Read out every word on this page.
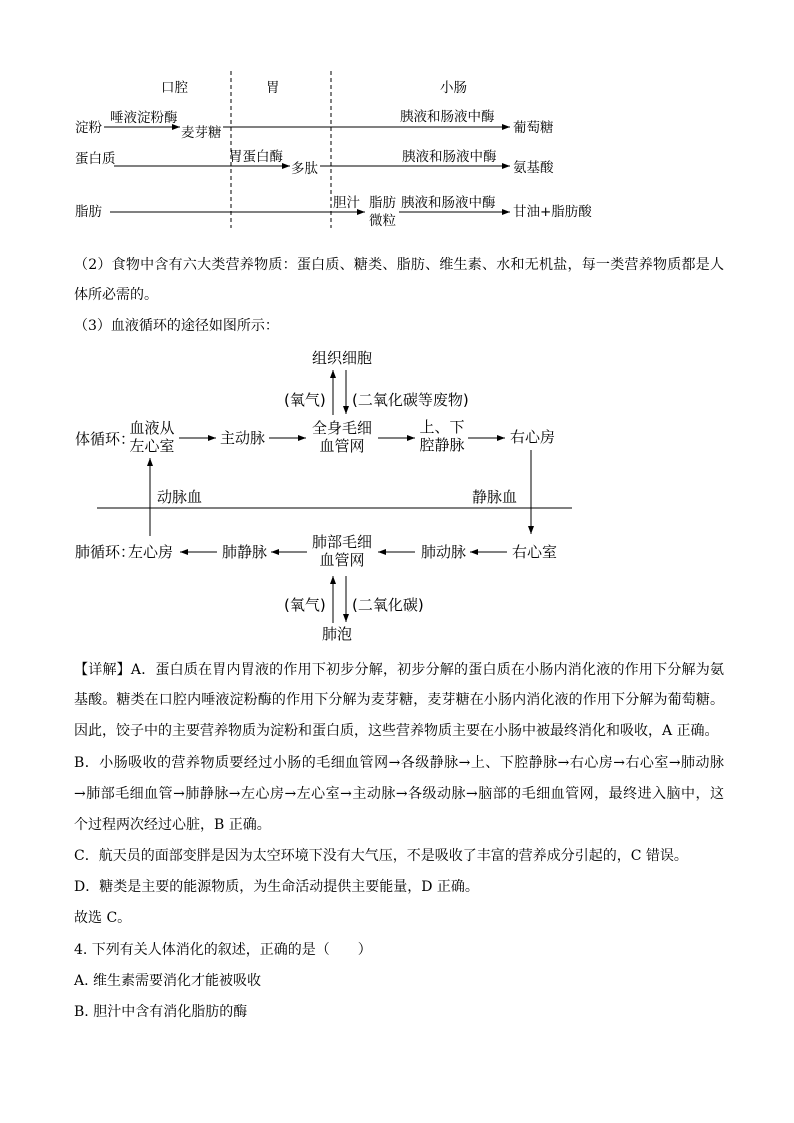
口腔	胃	小肠
淀粉
唾液淀粉酶
麦芽糖
胰液和肠液中酶
葡萄糖
蛋白质	胃蛋白酶
多肽
胰液和肠液中酶
氨基酸
脂肪
胆汁 脂肪
微粒
胰液和肠液中酶
甘油+脂肪酸
（2）食物中含有六大类营养物质：蛋白质、糖类、脂肪、维生素、水和无机盐，每一类营养物质都是人
体所必需的。
（3）血液循环的途径如图所示：
组织细胞
(氧气) (二氧化碳等废物)
体循环：
血液从
左心室	主动脉
全身毛细
血管网
上、下
腔静脉	右心房
动脉血	静脉血
肺循环：
左心房	肺静脉
肺部毛细
血管网	肺动脉	右心室
(氧气) (二氧化碳)
肺泡
【详解】A．蛋白质在胃内胃液的作用下初步分解，初步分解的蛋白质在小肠内消化液的作用下分解为氨
基酸。糖类在口腔内唾液淀粉酶的作用下分解为麦芽糖，麦芽糖在小肠内消化液的作用下分解为葡萄糖。
因此，饺子中的主要营养物质为淀粉和蛋白质，这些营养物质主要在小肠中被最终消化和吸收，A 正确。
B．小肠吸收的营养物质要经过小肠的毛细血管网→各级静脉→上、下腔静脉→右心房→右心室→肺动脉
→肺部毛细血管→肺静脉→左心房→左心室→主动脉→各级动脉→脑部的毛细血管网，最终进入脑中，这
个过程两次经过心脏，B 正确。
C．航天员的面部变胖是因为太空环境下没有大气压，不是吸收了丰富的营养成分引起的，C 错误。
D．糖类是主要的能源物质，为生命活动提供主要能量，D 正确。
故选 C。
4. 下列有关人体消化的叙述，正确的是（　　）
A. 维生素需要消化才能被吸收
B. 胆汁中含有消化脂肪的酶
